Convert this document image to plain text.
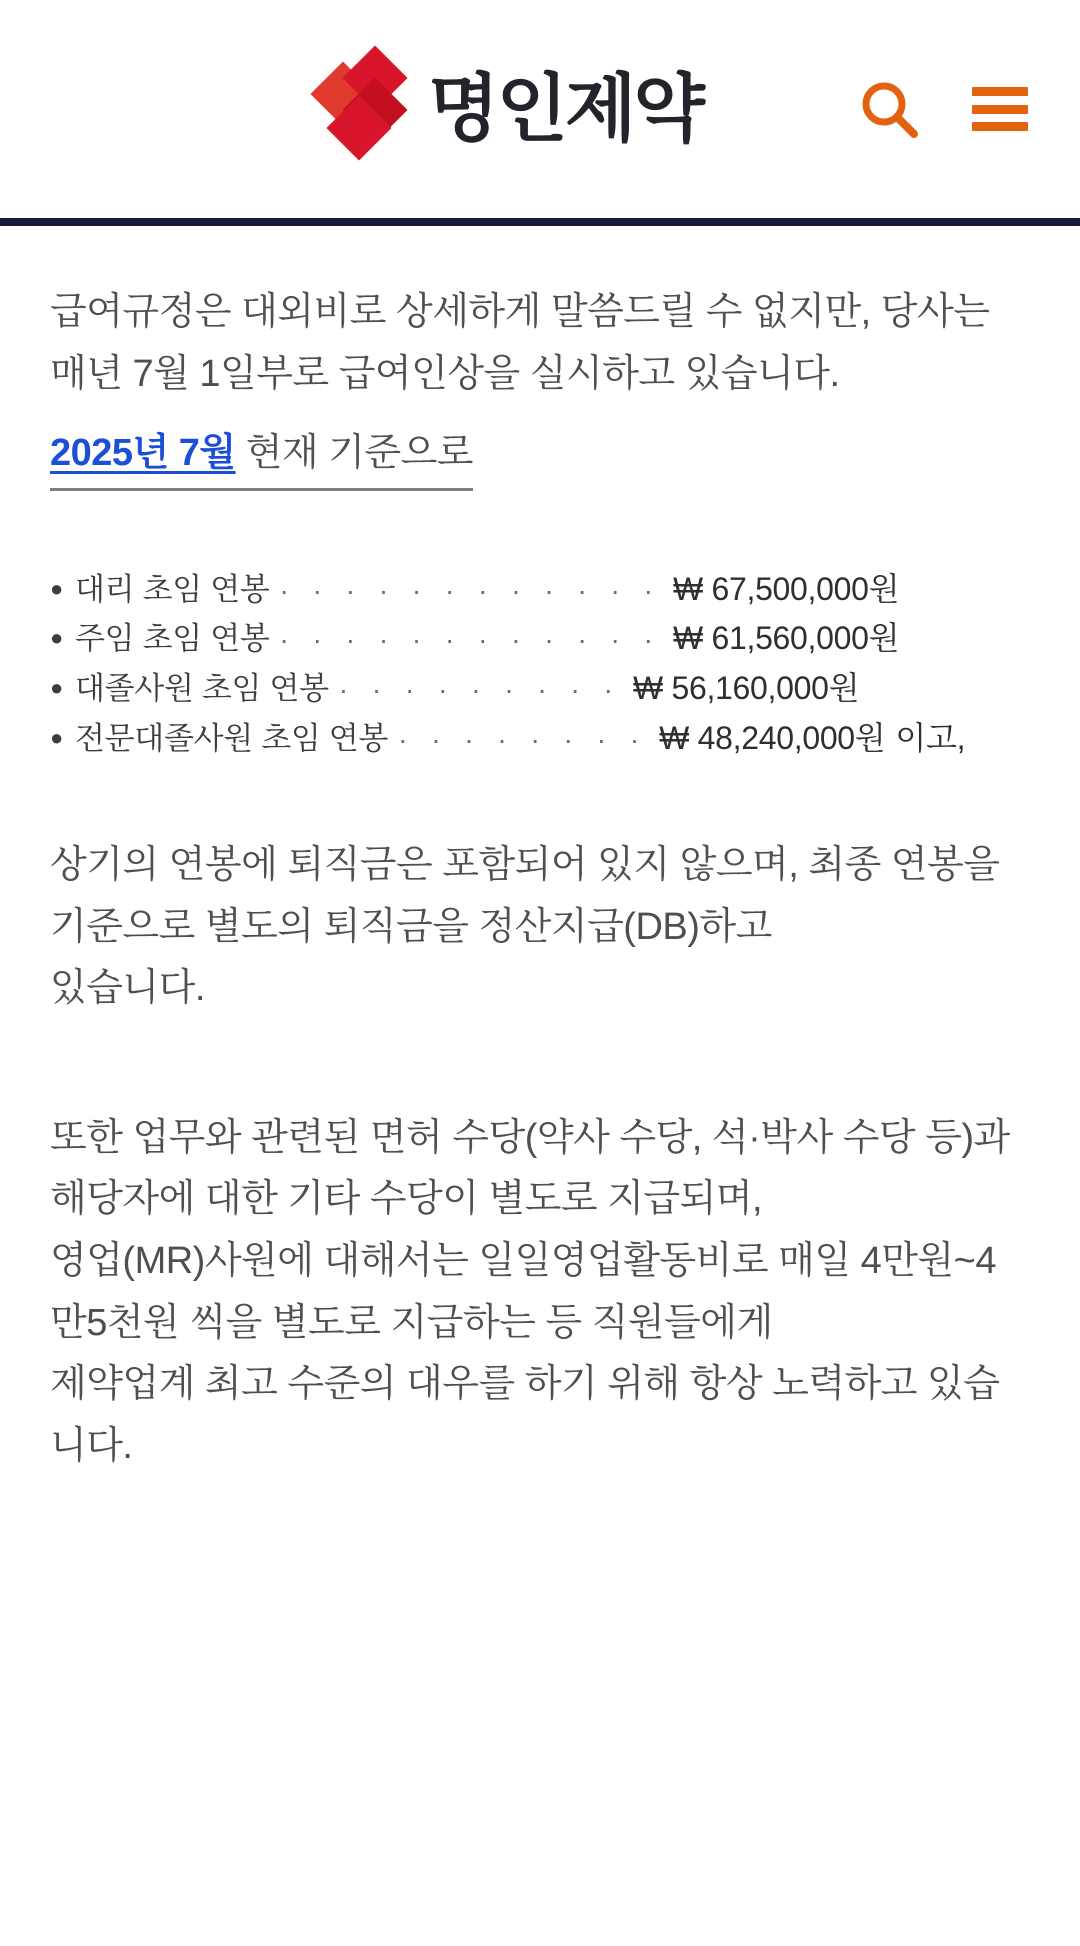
명인제약

급여규정은 대외비로 상세하게 말씀드릴 수 없지만, 당사는 매년 7월 1일부로 급여인상을 실시하고 있습니다.

2025년 7월 현재 기준으로
● 대리 초임 연봉 · · · · · · · · · · · · ₩ 67,500,000원
● 주임 초임 연봉 · · · · · · · · · · · · ₩ 61,560,000원
● 대졸사원 초임 연봉 · · · · · · · · · ₩ 56,160,000원
● 전문대졸사원 초임 연봉 · · · · · · · · ₩ 48,240,000원 이고,

상기의 연봉에 퇴직금은 포함되어 있지 않으며, 최종 연봉을 기준으로 별도의 퇴직금을 정산지급(DB)하고

있습니다.

또한 업무와 관련된 면허 수당(약사 수당, 석·박사 수당 등)과 해당자에 대한 기타 수당이 별도로 지급되며,

영업(MR)사원에 대해서는 일일영업활동비로 매일 4만원~4만5천원 씩을 별도로 지급하는 등 직원들에게

제약업계 최고 수준의 대우를 하기 위해 항상 노력하고 있습니다.
